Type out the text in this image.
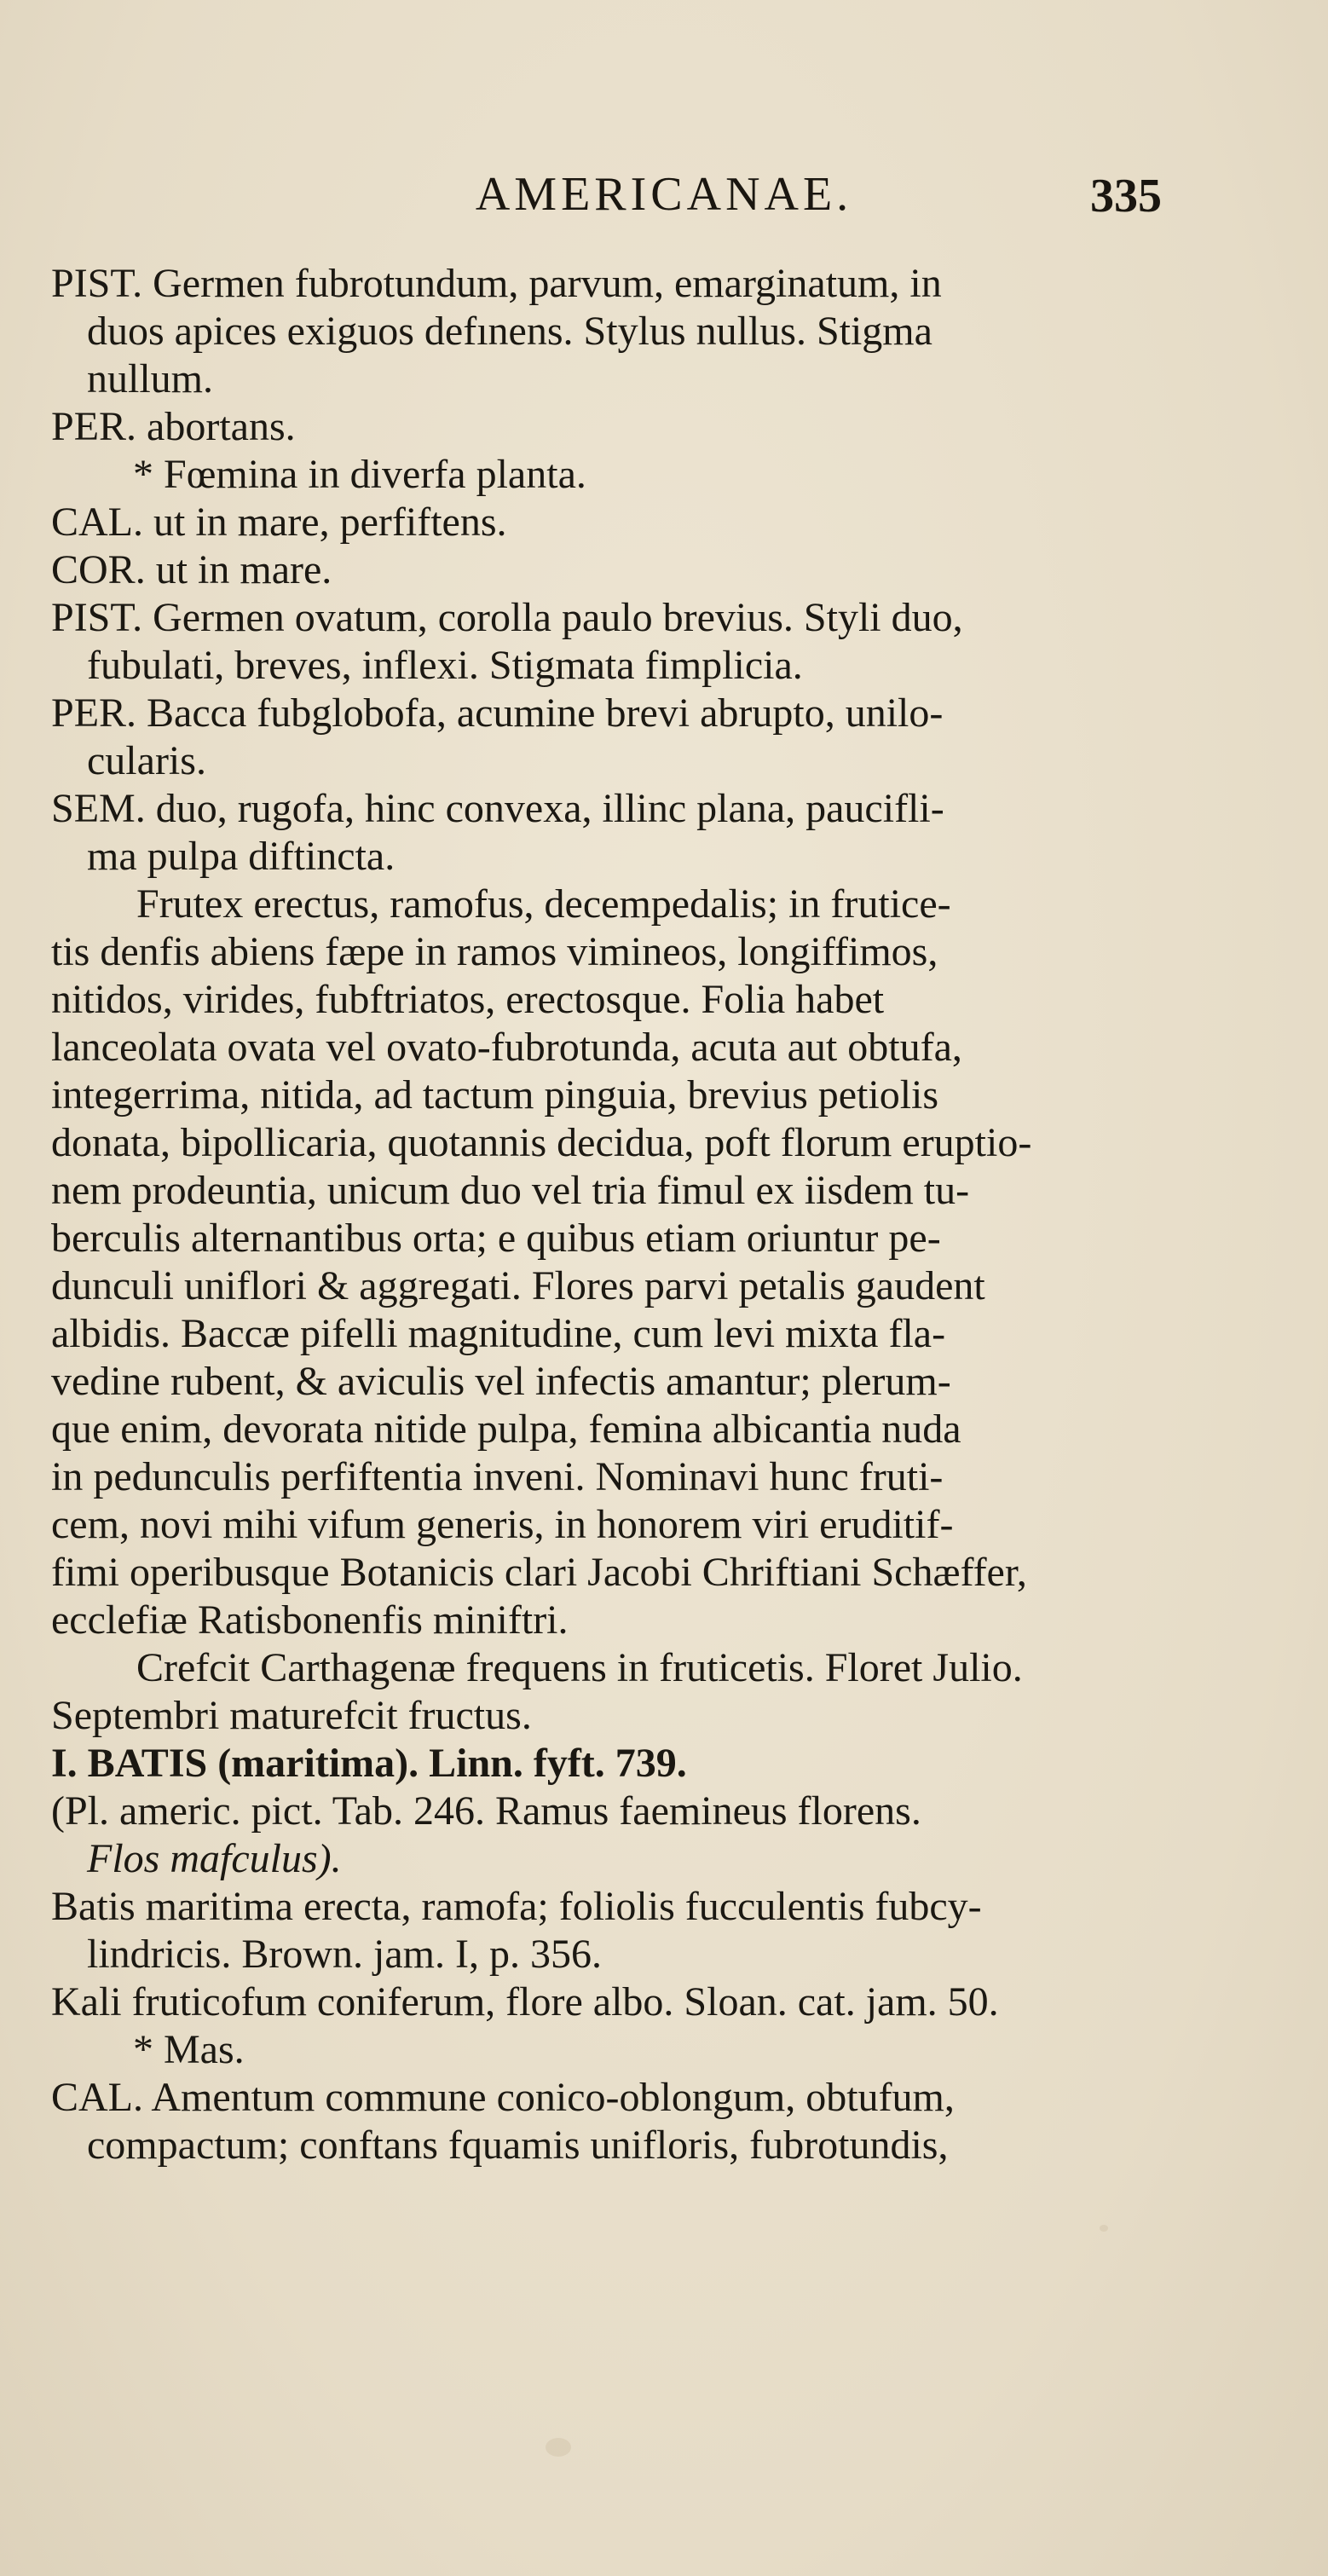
AMERICANAE.	335
PIST. Germen fubrotundum, parvum, emarginatum, in
duos apices exiguos defınens. Stylus nullus. Stigma
nullum.
PER. abortans.
* Fœmina in diverfa planta.
CAL. ut in mare, perfiftens.
COR. ut in mare.
PIST. Germen ovatum, corolla paulo brevius. Styli duo,
fubulati, breves, inflexi. Stigmata fimplicia.
PER. Bacca fubglobofa, acumine brevi abrupto, unilo-
cularis.
SEM. duo, rugofa, hinc convexa, illinc plana, paucifli-
ma pulpa diftincta.
Frutex erectus, ramofus, decempedalis; in frutice-
tis denfis abiens fæpe in ramos vimineos, longiffimos,
nitidos, virides, fubftriatos, erectosque. Folia habet
lanceolata ovata vel ovato-fubrotunda, acuta aut obtufa,
integerrima, nitida, ad tactum pinguia, brevius petiolis
donata, bipollicaria, quotannis decidua, poft florum eruptio-
nem prodeuntia, unicum duo vel tria fimul ex iisdem tu-
berculis alternantibus orta; e quibus etiam oriuntur pe-
dunculi uniflori & aggregati. Flores parvi petalis gaudent
albidis. Baccæ pifelli magnitudine, cum levi mixta fla-
vedine rubent, & aviculis vel infectis amantur; plerum-
que enim, devorata nitide pulpa, femina albicantia nuda
in pedunculis perfiftentia inveni. Nominavi hunc fruti-
cem, novi mihi vifum generis, in honorem viri eruditif-
fimi operibusque Botanicis clari Jacobi Chriftiani Schæffer,
ecclefiæ Ratisbonenfis miniftri.
Crefcit Carthagenæ frequens in fruticetis. Floret Julio.
Septembri maturefcit fructus.
I. BATIS (maritima). Linn. fyft. 739.
(Pl. americ. pict. Tab. 246. Ramus faemineus florens.
Flos mafculus).
Batis maritima erecta, ramofa; foliolis fucculentis fubcy-
lindricis. Brown. jam. I, p. 356.
Kali fruticofum coniferum, flore albo. Sloan. cat. jam. 50.
* Mas.
CAL. Amentum commune conico-oblongum, obtufum,
compactum; conftans fquamis unifloris, fubrotundis,
